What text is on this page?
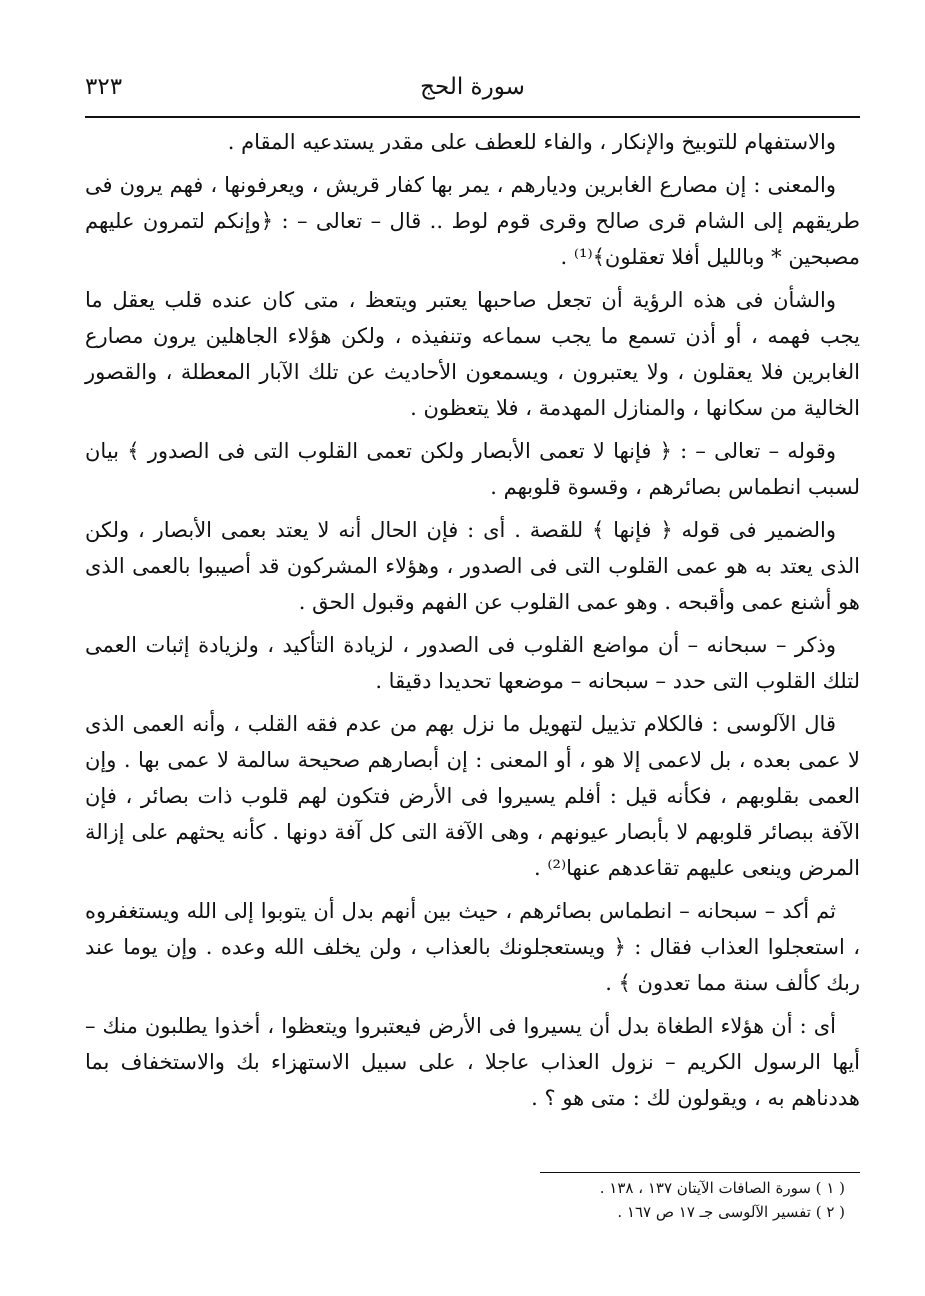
سورة الحج
٣٢٣

والاستفهام للتوبيخ والإنكار ، والفاء للعطف على مقدر يستدعيه المقام .

والمعنى : إن مصارع الغابرين وديارهم ، يمر بها كفار قريش ، ويعرفونها ، فهم يرون فى طريقهم إلى الشام قرى صالح وقرى قوم لوط .. قال – تعالى – : ﴿وإنكم لتمرون عليهم مصبحين * وبالليل أفلا تعقلون﴾⁽¹⁾ .

والشأن فى هذه الرؤية أن تجعل صاحبها يعتبر ويتعظ ، متى كان عنده قلب يعقل ما يجب فهمه ، أو أذن تسمع ما يجب سماعه وتنفيذه ، ولكن هؤلاء الجاهلين يرون مصارع الغابرين فلا يعقلون ، ولا يعتبرون ، ويسمعون الأحاديث عن تلك الآبار المعطلة ، والقصور الخالية من سكانها ، والمنازل المهدمة ، فلا يتعظون .

وقوله – تعالى – : ﴿ فإنها لا تعمى الأبصار ولكن تعمى القلوب التى فى الصدور ﴾ بيان لسبب انطماس بصائرهم ، وقسوة قلوبهم .

والضمير فى قوله ﴿ فإنها ﴾ للقصة . أى : فإن الحال أنه لا يعتد بعمى الأبصار ، ولكن الذى يعتد به هو عمى القلوب التى فى الصدور ، وهؤلاء المشركون قد أصيبوا بالعمى الذى هو أشنع عمى وأقبحه . وهو عمى القلوب عن الفهم وقبول الحق .

وذكر – سبحانه – أن مواضع القلوب فى الصدور ، لزيادة التأكيد ، ولزيادة إثبات العمى لتلك القلوب التى حدد – سبحانه – موضعها تحديدا دقيقا .

قال الآلوسى : فالكلام تذييل لتهويل ما نزل بهم من عدم فقه القلب ، وأنه العمى الذى لا عمى بعده ، بل لاعمى إلا هو ، أو المعنى : إن أبصارهم صحيحة سالمة لا عمى بها . وإن العمى بقلوبهم ، فكأنه قيل : أفلم يسيروا فى الأرض فتكون لهم قلوب ذات بصائر ، فإن الآفة ببصائر قلوبهم لا بأبصار عيونهم ، وهى الآفة التى كل آفة دونها . كأنه يحثهم على إزالة المرض وينعى عليهم تقاعدهم عنها⁽²⁾ .

ثم أكد – سبحانه – انطماس بصائرهم ، حيث بين أنهم بدل أن يتوبوا إلى الله ويستغفروه ، استعجلوا العذاب فقال : ﴿ ويستعجلونك بالعذاب ، ولن يخلف الله وعده . وإن يوما عند ربك كألف سنة مما تعدون ﴾ .

أى : أن هؤلاء الطغاة بدل أن يسيروا فى الأرض فيعتبروا ويتعظوا ، أخذوا يطلبون منك – أيها الرسول الكريم – نزول العذاب عاجلا ، على سبيل الاستهزاء بك والاستخفاف بما هددناهم به ، ويقولون لك : متى هو ؟ .

( ١ ) سورة الصافات الآيتان ١٣٧ ، ١٣٨ .
( ٢ ) تفسير الآلوسى جـ ١٧ ص ١٦٧ .
